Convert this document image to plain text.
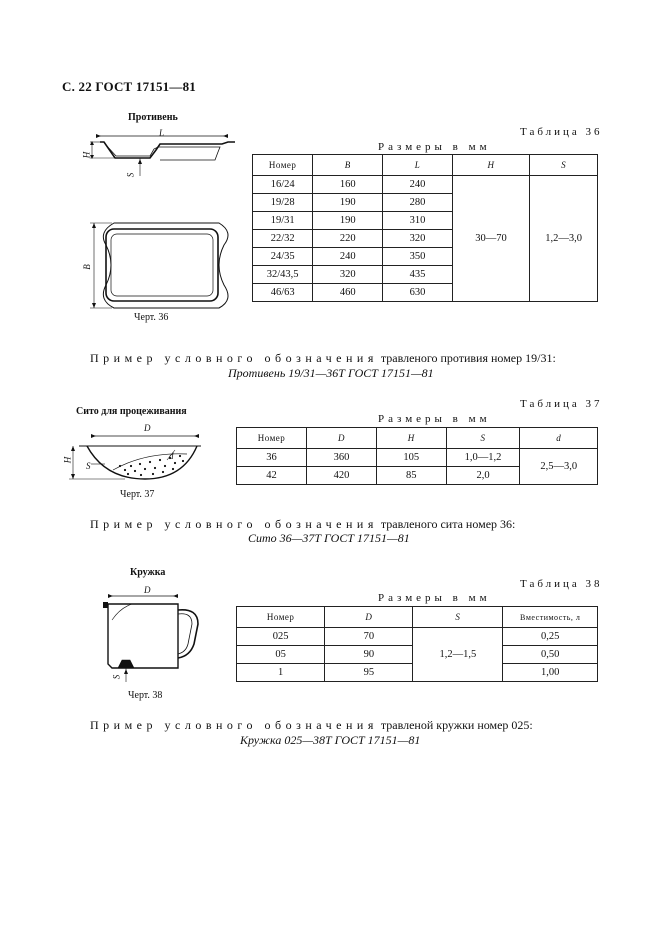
С. 22 ГОСТ 17151—81
Противень
L
H
S
B
Черт. 36
Таблица 36
Размеры в мм
Номер	B	L	H	S
16/24	160	240	30—70	1,2—3,0
19/28	190	280		
19/31	190	310		
22/32	220	320		
24/35	240	350		
32/43,5	320	435		
46/63	460	630		
Пример условного обозначения травленого противия номер 19/31:
Противень 19/31—36Т ГОСТ 17151—81
Сито для процеживания
D
H
S
d
Черт. 37
Таблица 37
Размеры в мм
Номер	D	H	S	d
36	360	105	1,0—1,2	2,5—3,0
42	420	85	2,0	
Пример условного обозначения травленого сита номер 36:
Сито 36—37Т ГОСТ 17151—81
Кружка
D
S
Черт. 38
Таблица 38
Размеры в мм
Номер	D	S	Вместимость, л
025	70	1,2—1,5	0,25
05	90		0,50
1	95		1,00
Пример условного обозначения травленой кружки номер 025:
Кружка 025—38Т ГОСТ 17151—81
